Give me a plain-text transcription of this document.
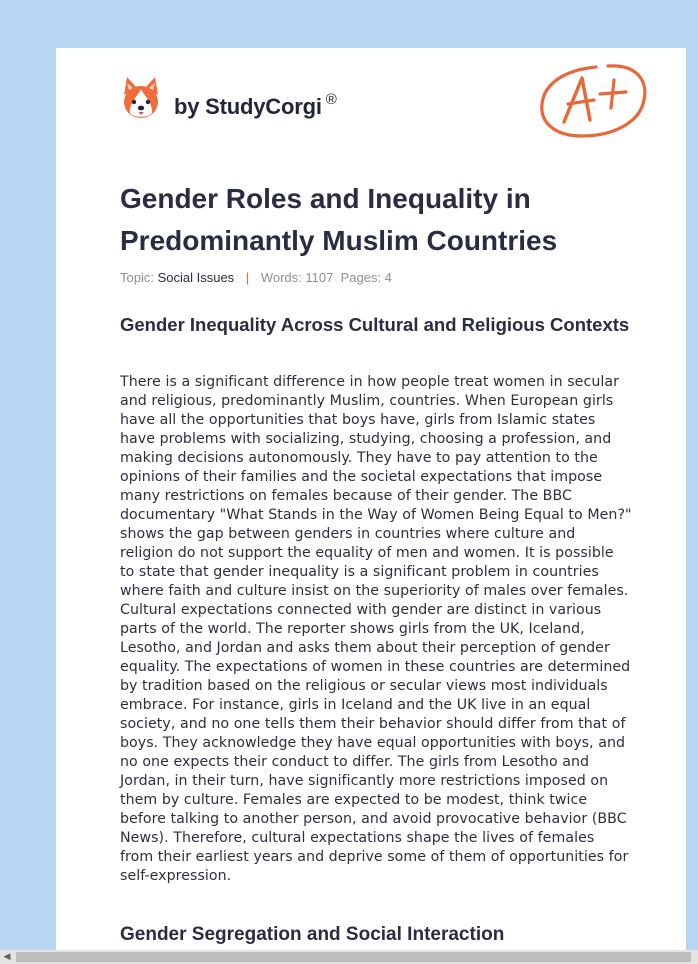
by StudyCorgi ®
A+
Gender Roles and Inequality in Predominantly Muslim Countries
Topic: Social Issues | Words: 1107 Pages: 4
Gender Inequality Across Cultural and Religious Contexts

There is a significant difference in how people treat women in secular and religious, predominantly Muslim, countries. When European girls have all the opportunities that boys have, girls from Islamic states have problems with socializing, studying, choosing a profession, and making decisions autonomously. They have to pay attention to the opinions of their families and the societal expectations that impose many restrictions on females because of their gender. The BBC documentary "What Stands in the Way of Women Being Equal to Men?" shows the gap between genders in countries where culture and religion do not support the equality of men and women. It is possible to state that gender inequality is a significant problem in countries where faith and culture insist on the superiority of males over females. Cultural expectations connected with gender are distinct in various parts of the world. The reporter shows girls from the UK, Iceland, Lesotho, and Jordan and asks them about their perception of gender equality. The expectations of women in these countries are determined by tradition based on the religious or secular views most individuals embrace. For instance, girls in Iceland and the UK live in an equal society, and no one tells them their behavior should differ from that of boys. They acknowledge they have equal opportunities with boys, and no one expects their conduct to differ. The girls from Lesotho and Jordan, in their turn, have significantly more restrictions imposed on them by culture. Females are expected to be modest, think twice before talking to another person, and avoid provocative behavior (BBC News). Therefore, cultural expectations shape the lives of females from their earliest years and deprive some of them of opportunities for self-expression.

Gender Segregation and Social Interaction
◀
